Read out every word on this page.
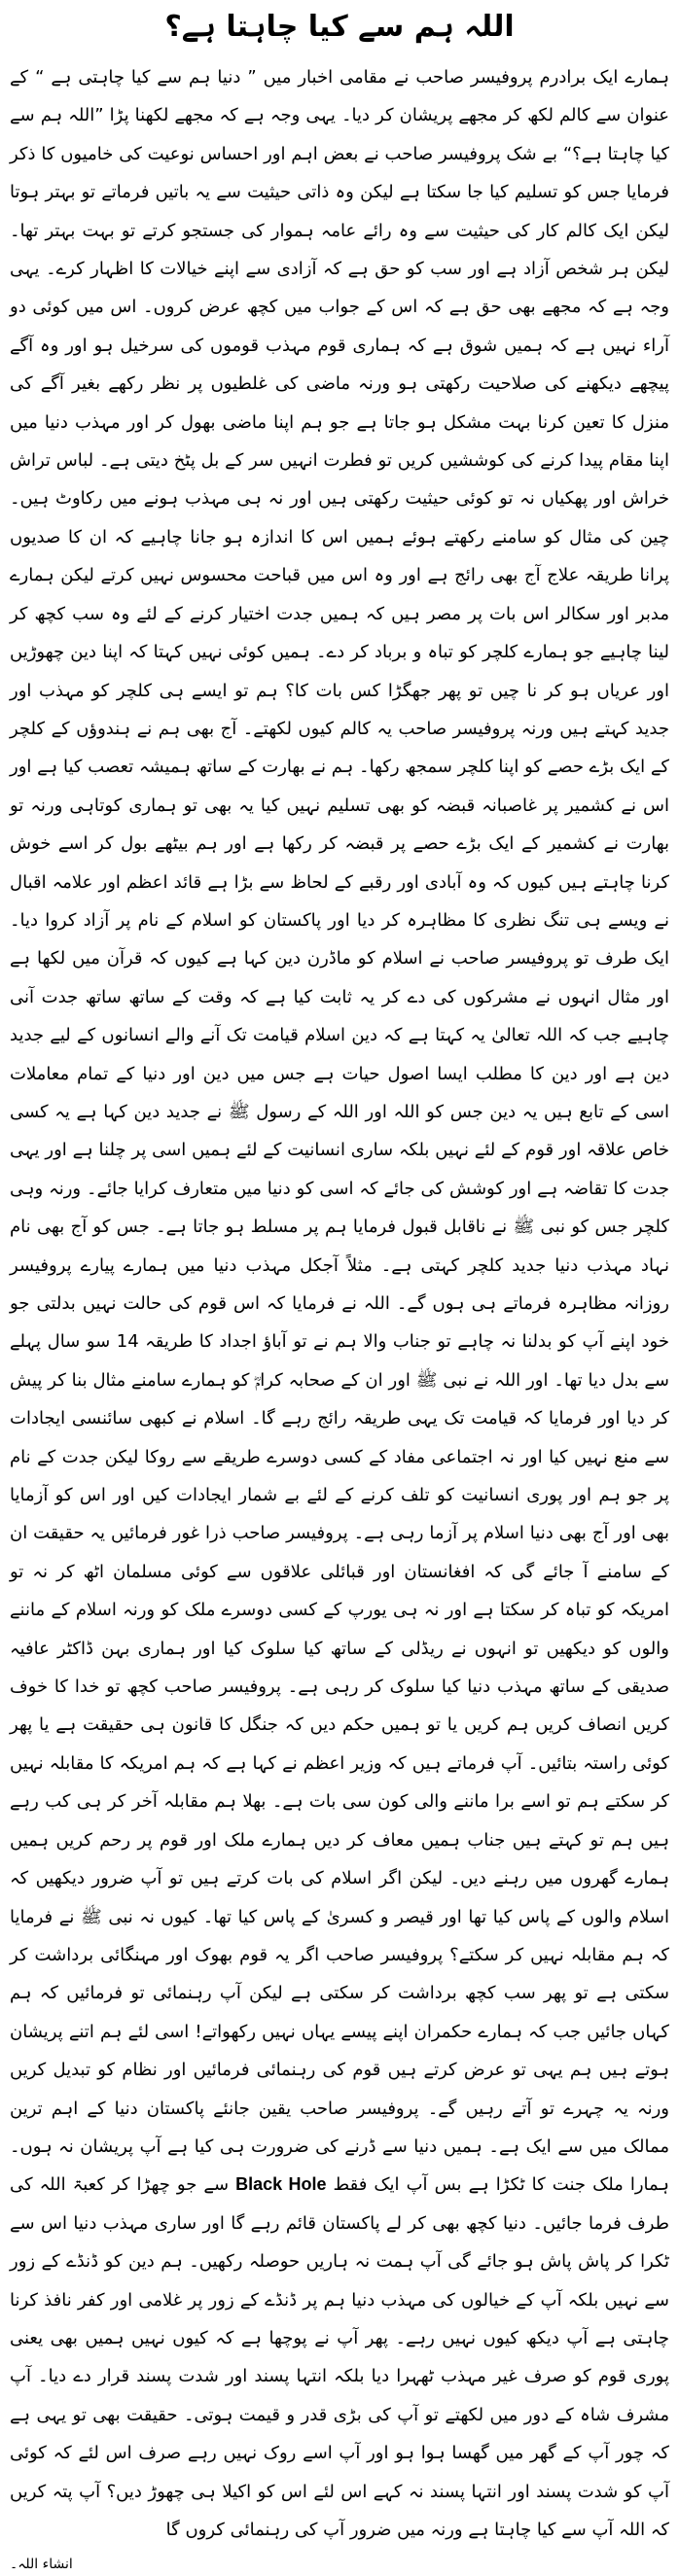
اللہ ہم سے کیا چاہتا ہے؟

ہمارے ایک برادرم پروفیسر صاحب نے مقامی اخبار میں ” دنیا ہم سے کیا چاہتی ہے “ کے عنوان سے کالم لکھ کر مجھے پریشان کر دیا۔ یہی وجہ ہے کہ مجھے لکھنا پڑا ”اللہ ہم سے کیا چاہتا ہے؟“ بے شک پروفیسر صاحب نے بعض اہم اور احساس نوعیت کی خامیوں کا ذکر فرمایا جس کو تسلیم کیا جا سکتا ہے لیکن وہ ذاتی حیثیت سے یہ باتیں فرماتے تو بہتر ہوتا لیکن ایک کالم کار کی حیثیت سے وہ رائے عامہ ہموار کی جستجو کرتے تو بہت بہتر تھا۔ لیکن ہر شخص آزاد ہے اور سب کو حق ہے کہ آزادی سے اپنے خیالات کا اظہار کرے۔ یہی وجہ ہے کہ مجھے بھی حق ہے کہ اس کے جواب میں کچھ عرض کروں۔ اس میں کوئی دو آراء نہیں ہے کہ ہمیں شوق ہے کہ ہماری قوم مہذب قوموں کی سرخیل ہو اور وہ آگے پیچھے دیکھنے کی صلاحیت رکھتی ہو ورنہ ماضی کی غلطیوں پر نظر رکھے بغیر آگے کی منزل کا تعین کرنا بہت مشکل ہو جاتا ہے جو ہم اپنا ماضی بھول کر اور مہذب دنیا میں اپنا مقام پیدا کرنے کی کوششیں کریں تو فطرت انہیں سر کے بل پٹخ دیتی ہے۔ لباس تراش خراش اور پھکیاں نہ تو کوئی حیثیت رکھتی ہیں اور نہ ہی مہذب ہونے میں رکاوٹ ہیں۔ چین کی مثال کو سامنے رکھتے ہوئے ہمیں اس کا اندازہ ہو جانا چاہیے کہ ان کا صدیوں پرانا طریقہ علاج آج بھی رائج ہے اور وہ اس میں قباحت محسوس نہیں کرتے لیکن ہمارے مدبر اور سکالر اس بات پر مصر ہیں کہ ہمیں جدت اختیار کرنے کے لئے وہ سب کچھ کر لینا چاہیے جو ہمارے کلچر کو تباہ و برباد کر دے۔ ہمیں کوئی نہیں کہتا کہ اپنا دین چھوڑیں اور عریاں ہو کر نا چیں تو پھر جھگڑا کس بات کا؟ ہم تو ایسے ہی کلچر کو مہذب اور جدید کہتے ہیں ورنہ پروفیسر صاحب یہ کالم کیوں لکھتے۔ آج بھی ہم نے ہندوؤں کے کلچر کے ایک بڑے حصے کو اپنا کلچر سمجھ رکھا۔ ہم نے بھارت کے ساتھ ہمیشہ تعصب کیا ہے اور اس نے کشمیر پر غاصبانہ قبضہ کو بھی تسلیم نہیں کیا یہ بھی تو ہماری کوتاہی ورنہ تو بھارت نے کشمیر کے ایک بڑے حصے پر قبضہ کر رکھا ہے اور ہم بیٹھے بول کر اسے خوش کرنا چاہتے ہیں کیوں کہ وہ آبادی اور رقبے کے لحاظ سے بڑا ہے قائد اعظم اور علامہ اقبال نے ویسے ہی تنگ نظری کا مظاہرہ کر دیا اور پاکستان کو اسلام کے نام پر آزاد کروا دیا۔ ایک طرف تو پروفیسر صاحب نے اسلام کو ماڈرن دین کہا ہے کیوں کہ قرآن میں لکھا ہے اور مثال انہوں نے مشرکوں کی دے کر یہ ثابت کیا ہے کہ وقت کے ساتھ ساتھ جدت آنی چاہیے جب کہ اللہ تعالیٰ یہ کہتا ہے کہ دین اسلام قیامت تک آنے والے انسانوں کے لیے جدید دین ہے اور دین کا مطلب ایسا اصول حیات ہے جس میں دین اور دنیا کے تمام معاملات اسی کے تابع ہیں یہ دین جس کو اللہ اور اللہ کے رسول ﷺ نے جدید دین کہا ہے یہ کسی خاص علاقہ اور قوم کے لئے نہیں بلکہ ساری انسانیت کے لئے ہمیں اسی پر چلنا ہے اور یہی جدت کا تقاضہ ہے اور کوشش کی جائے کہ اسی کو دنیا میں متعارف کرایا جائے۔ ورنہ وہی کلچر جس کو نبی ﷺ نے ناقابل قبول فرمایا ہم پر مسلط ہو جاتا ہے۔ جس کو آج بھی نام نہاد مہذب دنیا جدید کلچر کہتی ہے۔ مثلاً آجکل مہذب دنیا میں ہمارے پیارے پروفیسر روزانہ مظاہرہ فرماتے ہی ہوں گے۔ اللہ نے فرمایا کہ اس قوم کی حالت نہیں بدلتی جو خود اپنے آپ کو بدلنا نہ چاہے تو جناب والا ہم نے تو آباؤ اجداد کا طریقہ 14 سو سال پہلے سے بدل دیا تھا۔ اور اللہ نے نبی ﷺ اور ان کے صحابہ کرامؓ کو ہمارے سامنے مثال بنا کر پیش کر دیا اور فرمایا کہ قیامت تک یہی طریقہ رائج رہے گا۔ اسلام نے کبھی سائنسی ایجادات سے منع نہیں کیا اور نہ اجتماعی مفاد کے کسی دوسرے طریقے سے روکا لیکن جدت کے نام پر جو ہم اور پوری انسانیت کو تلف کرنے کے لئے بے شمار ایجادات کیں اور اس کو آزمایا بھی اور آج بھی دنیا اسلام پر آزما رہی ہے۔ پروفیسر صاحب ذرا غور فرمائیں یہ حقیقت ان کے سامنے آ جائے گی کہ افغانستان اور قبائلی علاقوں سے کوئی مسلمان اٹھ کر نہ تو امریکہ کو تباہ کر سکتا ہے اور نہ ہی یورپ کے کسی دوسرے ملک کو ورنہ اسلام کے ماننے والوں کو دیکھیں تو انہوں نے ریڈلی کے ساتھ کیا سلوک کیا اور ہماری بہن ڈاکٹر عافیہ صدیقی کے ساتھ مہذب دنیا کیا سلوک کر رہی ہے۔ پروفیسر صاحب کچھ تو خدا کا خوف کریں انصاف کریں ہم کریں یا تو ہمیں حکم دیں کہ جنگل کا قانون ہی حقیقت ہے یا پھر کوئی راستہ بتائیں۔ آپ فرماتے ہیں کہ وزیر اعظم نے کہا ہے کہ ہم امریکہ کا مقابلہ نہیں کر سکتے ہم تو اسے برا ماننے والی کون سی بات ہے۔ بھلا ہم مقابلہ آخر کر ہی کب رہے ہیں ہم تو کہتے ہیں جناب ہمیں معاف کر دیں ہمارے ملک اور قوم پر رحم کریں ہمیں ہمارے گھروں میں رہنے دیں۔ لیکن اگر اسلام کی بات کرتے ہیں تو آپ ضرور دیکھیں کہ اسلام والوں کے پاس کیا تھا اور قیصر و کسریٰ کے پاس کیا تھا۔ کیوں نہ نبی ﷺ نے فرمایا کہ ہم مقابلہ نہیں کر سکتے؟ پروفیسر صاحب اگر یہ قوم بھوک اور مہنگائی برداشت کر سکتی ہے تو پھر سب کچھ برداشت کر سکتی ہے لیکن آپ رہنمائی تو فرمائیں کہ ہم کہاں جائیں جب کہ ہمارے حکمران اپنے پیسے یہاں نہیں رکھواتے! اسی لئے ہم اتنے پریشان ہوتے ہیں ہم یہی تو عرض کرتے ہیں قوم کی رہنمائی فرمائیں اور نظام کو تبدیل کریں ورنہ یہ چہرے تو آتے رہیں گے۔ پروفیسر صاحب یقین جانئے پاکستان دنیا کے اہم ترین ممالک میں سے ایک ہے۔ ہمیں دنیا سے ڈرنے کی ضرورت ہی کیا ہے آپ پریشان نہ ہوں۔ ہمارا ملک جنت کا ٹکڑا ہے بس آپ ایک فقط Black Hole سے جو چھڑا کر کعبۃ اللہ کی طرف فرما جائیں۔ دنیا کچھ بھی کر لے پاکستان قائم رہے گا اور ساری مہذب دنیا اس سے ٹکرا کر پاش پاش ہو جائے گی آپ ہمت نہ ہاریں حوصلہ رکھیں۔ ہم دین کو ڈنڈے کے زور سے نہیں بلکہ آپ کے خیالوں کی مہذب دنیا ہم پر ڈنڈے کے زور پر غلامی اور کفر نافذ کرنا چاہتی ہے آپ دیکھ کیوں نہیں رہے۔ پھر آپ نے پوچھا ہے کہ کیوں نہیں ہمیں بھی یعنی پوری قوم کو صرف غیر مہذب ٹھہرا دیا بلکہ انتہا پسند اور شدت پسند قرار دے دیا۔ آپ مشرف شاہ کے دور میں لکھتے تو آپ کی بڑی قدر و قیمت ہوتی۔ حقیقت بھی تو یہی ہے کہ چور آپ کے گھر میں گھسا ہوا ہو اور آپ اسے روک نہیں رہے صرف اس لئے کہ کوئی آپ کو شدت پسند اور انتہا پسند نہ کہے اس لئے اس کو اکیلا ہی چھوڑ دیں؟ آپ پتہ کریں کہ اللہ آپ سے کیا چاہتا ہے ورنہ میں ضرور آپ کی رہنمائی کروں گا

انشاء اللہ۔
